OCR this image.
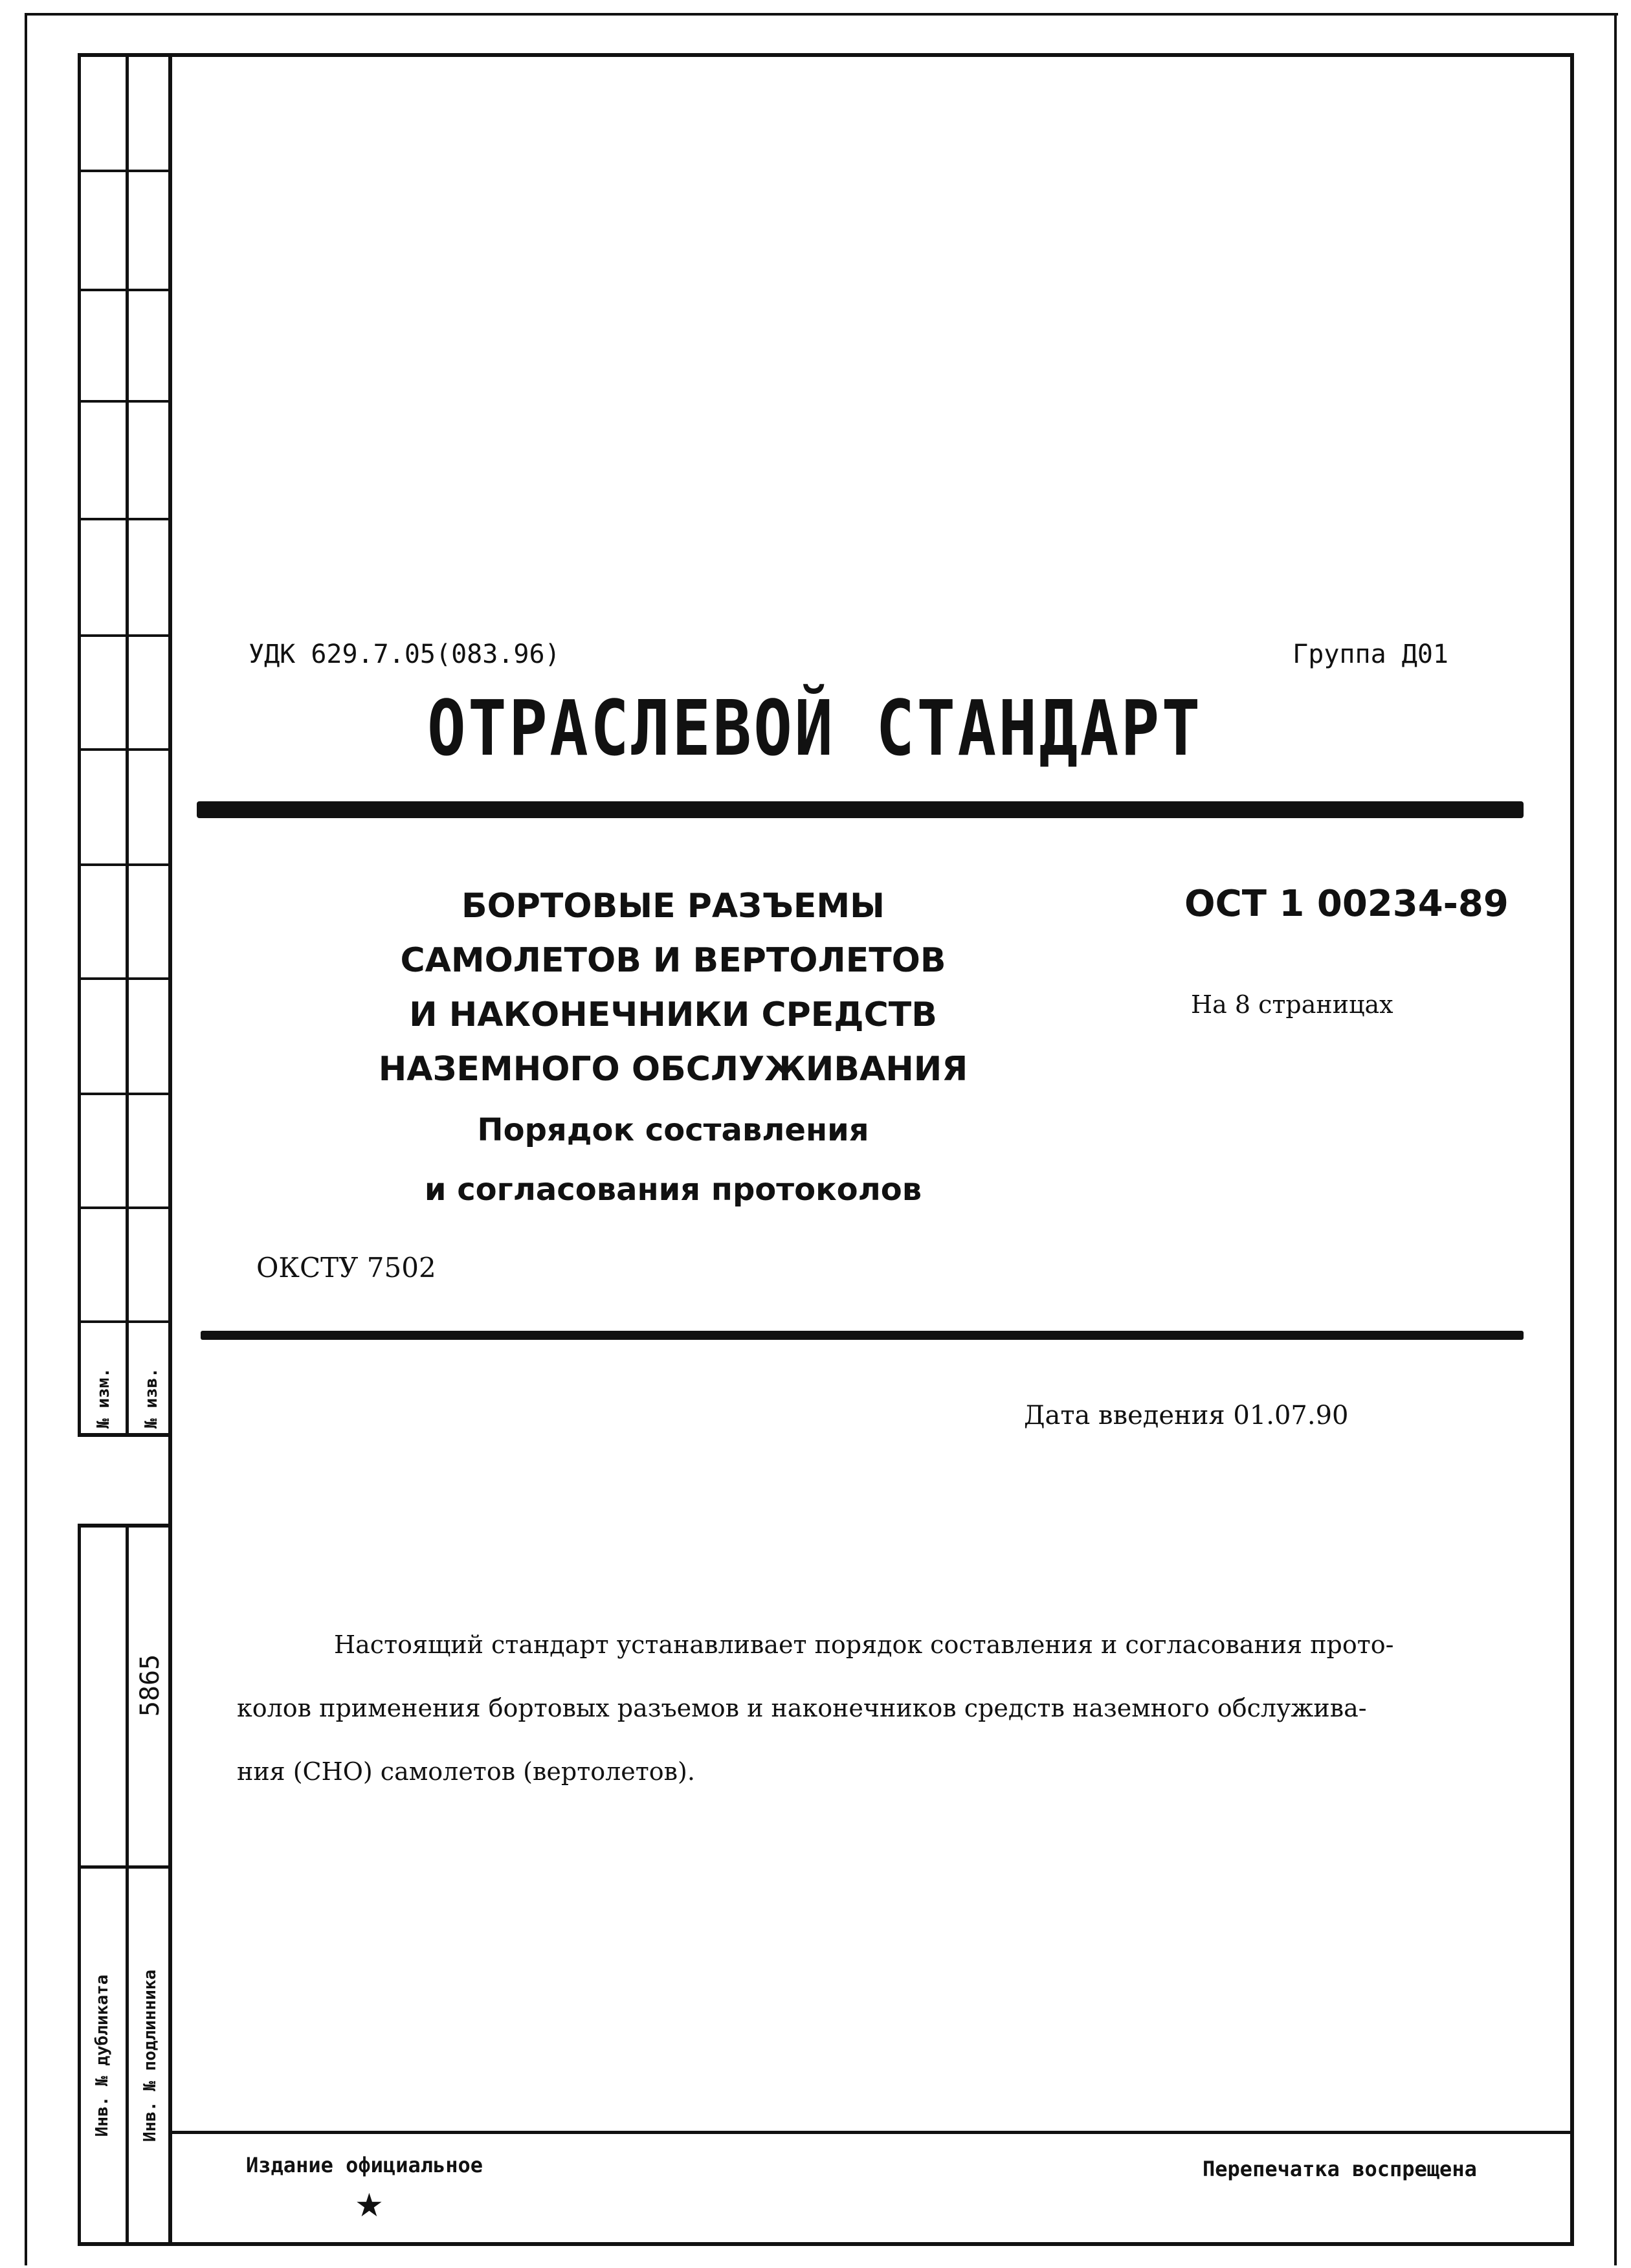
№ изм. № изв.
5865
Инв. № дубликата Инв. № подлинника
УДК 629.7.05(083.96)	Группа Д01
ОТРАСЛЕВОЙ СТАНДАРТ
БОРТОВЫЕ РАЗЪЕМЫ
САМОЛЕТОВ И ВЕРТОЛЕТОВ
И НАКОНЕЧНИКИ СРЕДСТВ
НАЗЕМНОГО ОБСЛУЖИВАНИЯ
Порядок составления
и согласования протоколов
ОСТ 1 00234-89
На 8 страницах
ОКСТУ 7502
Дата введения 01.07.90
Настоящий стандарт устанавливает порядок составления и согласования прото-
колов применения бортовых разъемов и наконечников средств наземного обслужива-
ния (СНО) самолетов (вертолетов).
Издание официальное
★
Перепечатка воспрещена
